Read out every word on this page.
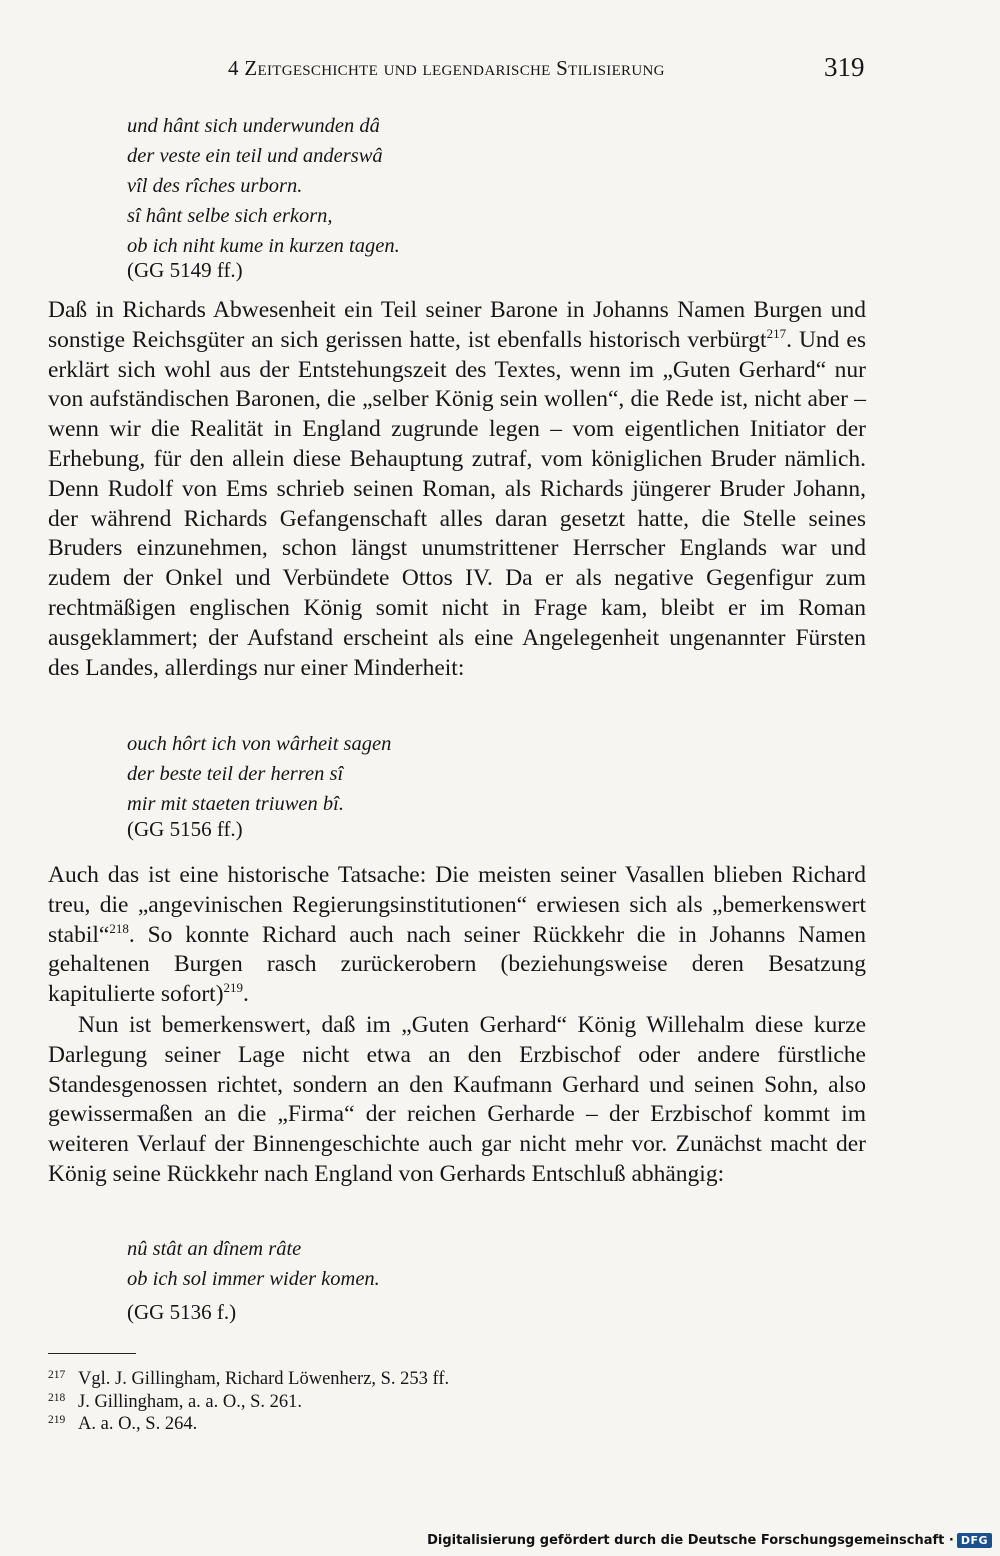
4 Zeitgeschichte und legendarische Stilisierung	319
und hânt sich underwunden dâ
der veste ein teil und anderswâ
vîl des rîches urborn.
sî hânt selbe sich erkorn,
ob ich niht kume in kurzen tagen.
(GG 5149 ff.)

Daß in Richards Abwesenheit ein Teil seiner Barone in Johanns Namen Burgen und sonstige Reichsgüter an sich gerissen hatte, ist ebenfalls historisch verbürgt$^{217}$. Und es erklärt sich wohl aus der Entstehungszeit des Textes, wenn im „Guten Gerhard“ nur von aufständischen Baronen, die „selber König sein wollen“, die Rede ist, nicht aber – wenn wir die Realität in England zugrunde legen – vom eigentlichen Initiator der Erhebung, für den allein diese Behauptung zutraf, vom königlichen Bruder nämlich. Denn Rudolf von Ems schrieb seinen Roman, als Richards jüngerer Bruder Johann, der während Richards Gefangenschaft alles daran gesetzt hatte, die Stelle seines Bruders einzunehmen, schon längst unumstrittener Herrscher Englands war und zudem der Onkel und Verbündete Ottos IV. Da er als negative Gegenfigur zum rechtmäßigen englischen König somit nicht in Frage kam, bleibt er im Roman ausgeklammert; der Aufstand erscheint als eine Angelegenheit ungenannter Fürsten des Landes, allerdings nur einer Minderheit:

ouch hôrt ich von wârheit sagen
der beste teil der herren sî
mir mit staeten triuwen bî.
(GG 5156 ff.)

Auch das ist eine historische Tatsache: Die meisten seiner Vasallen blieben Richard treu, die „angevinischen Regierungsinstitutionen“ erwiesen sich als „bemerkenswert stabil“$^{218}$. So konnte Richard auch nach seiner Rückkehr die in Johanns Namen gehaltenen Burgen rasch zurückerobern (beziehungsweise deren Besatzung kapitulierte sofort)$^{219}$.

Nun ist bemerkenswert, daß im „Guten Gerhard“ König Willehalm diese kurze Darlegung seiner Lage nicht etwa an den Erzbischof oder andere fürstliche Standesgenossen richtet, sondern an den Kaufmann Gerhard und seinen Sohn, also gewissermaßen an die „Firma“ der reichen Gerharde – der Erzbischof kommt im weiteren Verlauf der Binnengeschichte auch gar nicht mehr vor. Zunächst macht der König seine Rückkehr nach England von Gerhards Entschluß abhängig:

nû stât an dînem râte
ob ich sol immer wider komen.
(GG 5136 f.)
217 Vgl. J. Gillingham, Richard Löwenherz, S. 253 ff.
218 J. Gillingham, a. a. O., S. 261.
219 A. a. O., S. 264.
Digitalisierung gefördert durch die Deutsche Forschungsgemeinschaft · DFG
